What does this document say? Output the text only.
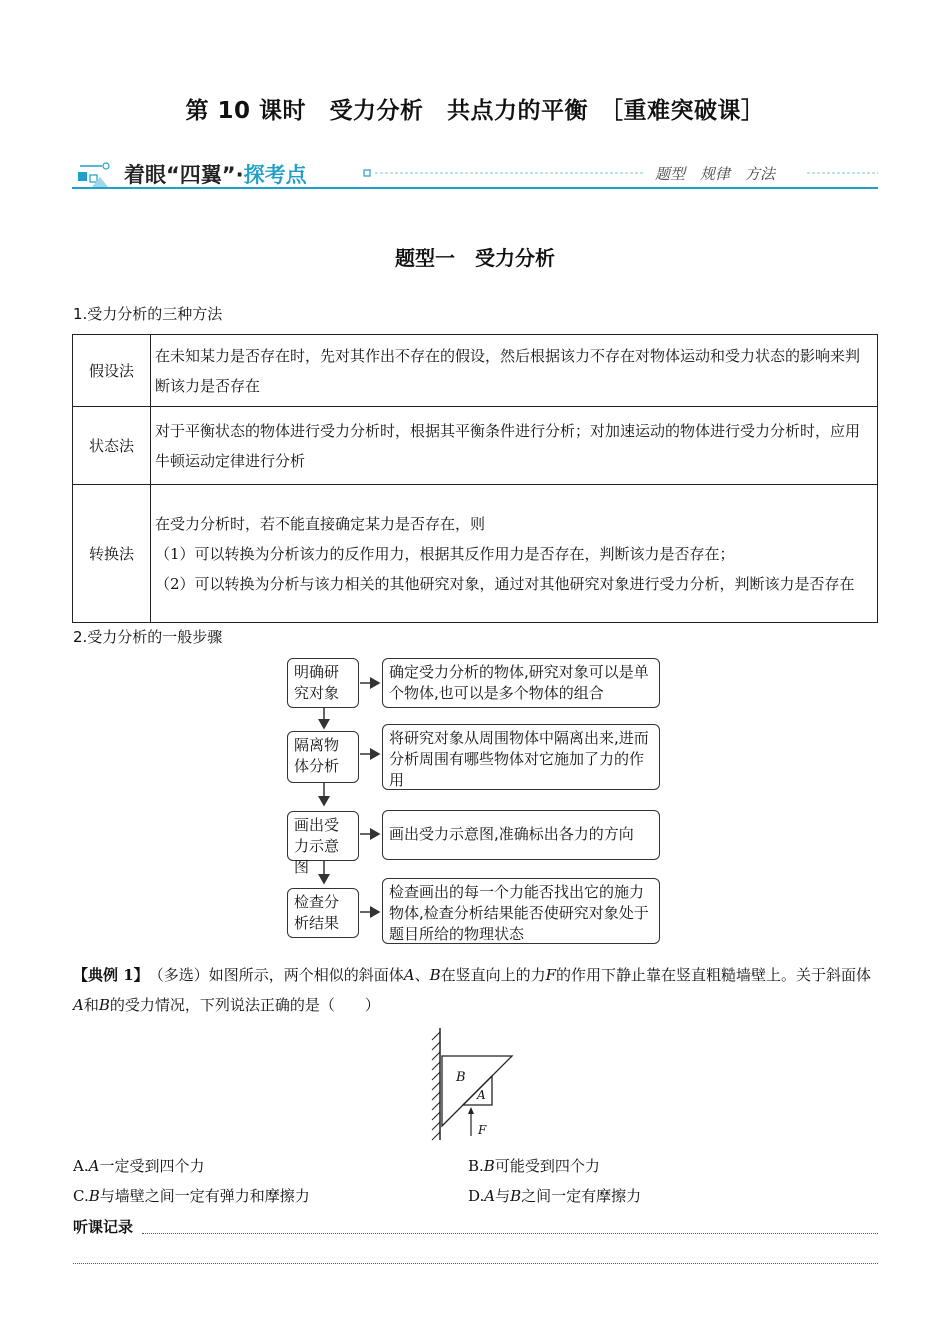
第 10 课时　受力分析　共点力的平衡　［重难突破课］
着眼“四翼”·探考点	题型　规律　方法
题型一　受力分析
1.受力分析的三种方法
假设法	在未知某力是否存在时，先对其作出不存在的假设，然后根据该力不存在对物体运动和受力状态的影响来判断该力是否存在
状态法	对于平衡状态的物体进行受力分析时，根据其平衡条件进行分析；对加速运动的物体进行受力分析时，应用牛顿运动定律进行分析
转换法	在受力分析时，若不能直接确定某力是否存在，则
（1）可以转换为分析该力的反作用力，根据其反作用力是否存在，判断该力是否存在；
（2）可以转换为分析与该力相关的其他研究对象，通过对其他研究对象进行受力分析，判断该力是否存在
2.受力分析的一般步骤
明确研究对象
确定受力分析的物体,研究对象可以是单个物体,也可以是多个物体的组合
隔离物体分析
将研究对象从周围物体中隔离出来,进而分析周围有哪些物体对它施加了力的作用
画出受力示意图
画出受力示意图,准确标出各力的方向
检查分析结果
检查画出的每一个力能否找出它的施力物体,检查分析结果能否使研究对象处于题目所给的物理状态
【典例 1】　 （多选）如图所示，两个相似的斜面体A、B在竖直向上的力F的作用下静止靠在竖直粗糙墙壁上。关于斜面体A和B的受力情况，下列说法正确的是（　　）
B
A
F
A.A一定受到四个力	B.B可能受到四个力
C.B与墙壁之间一定有弹力和摩擦力	D.A与B之间一定有摩擦力
听课记录
